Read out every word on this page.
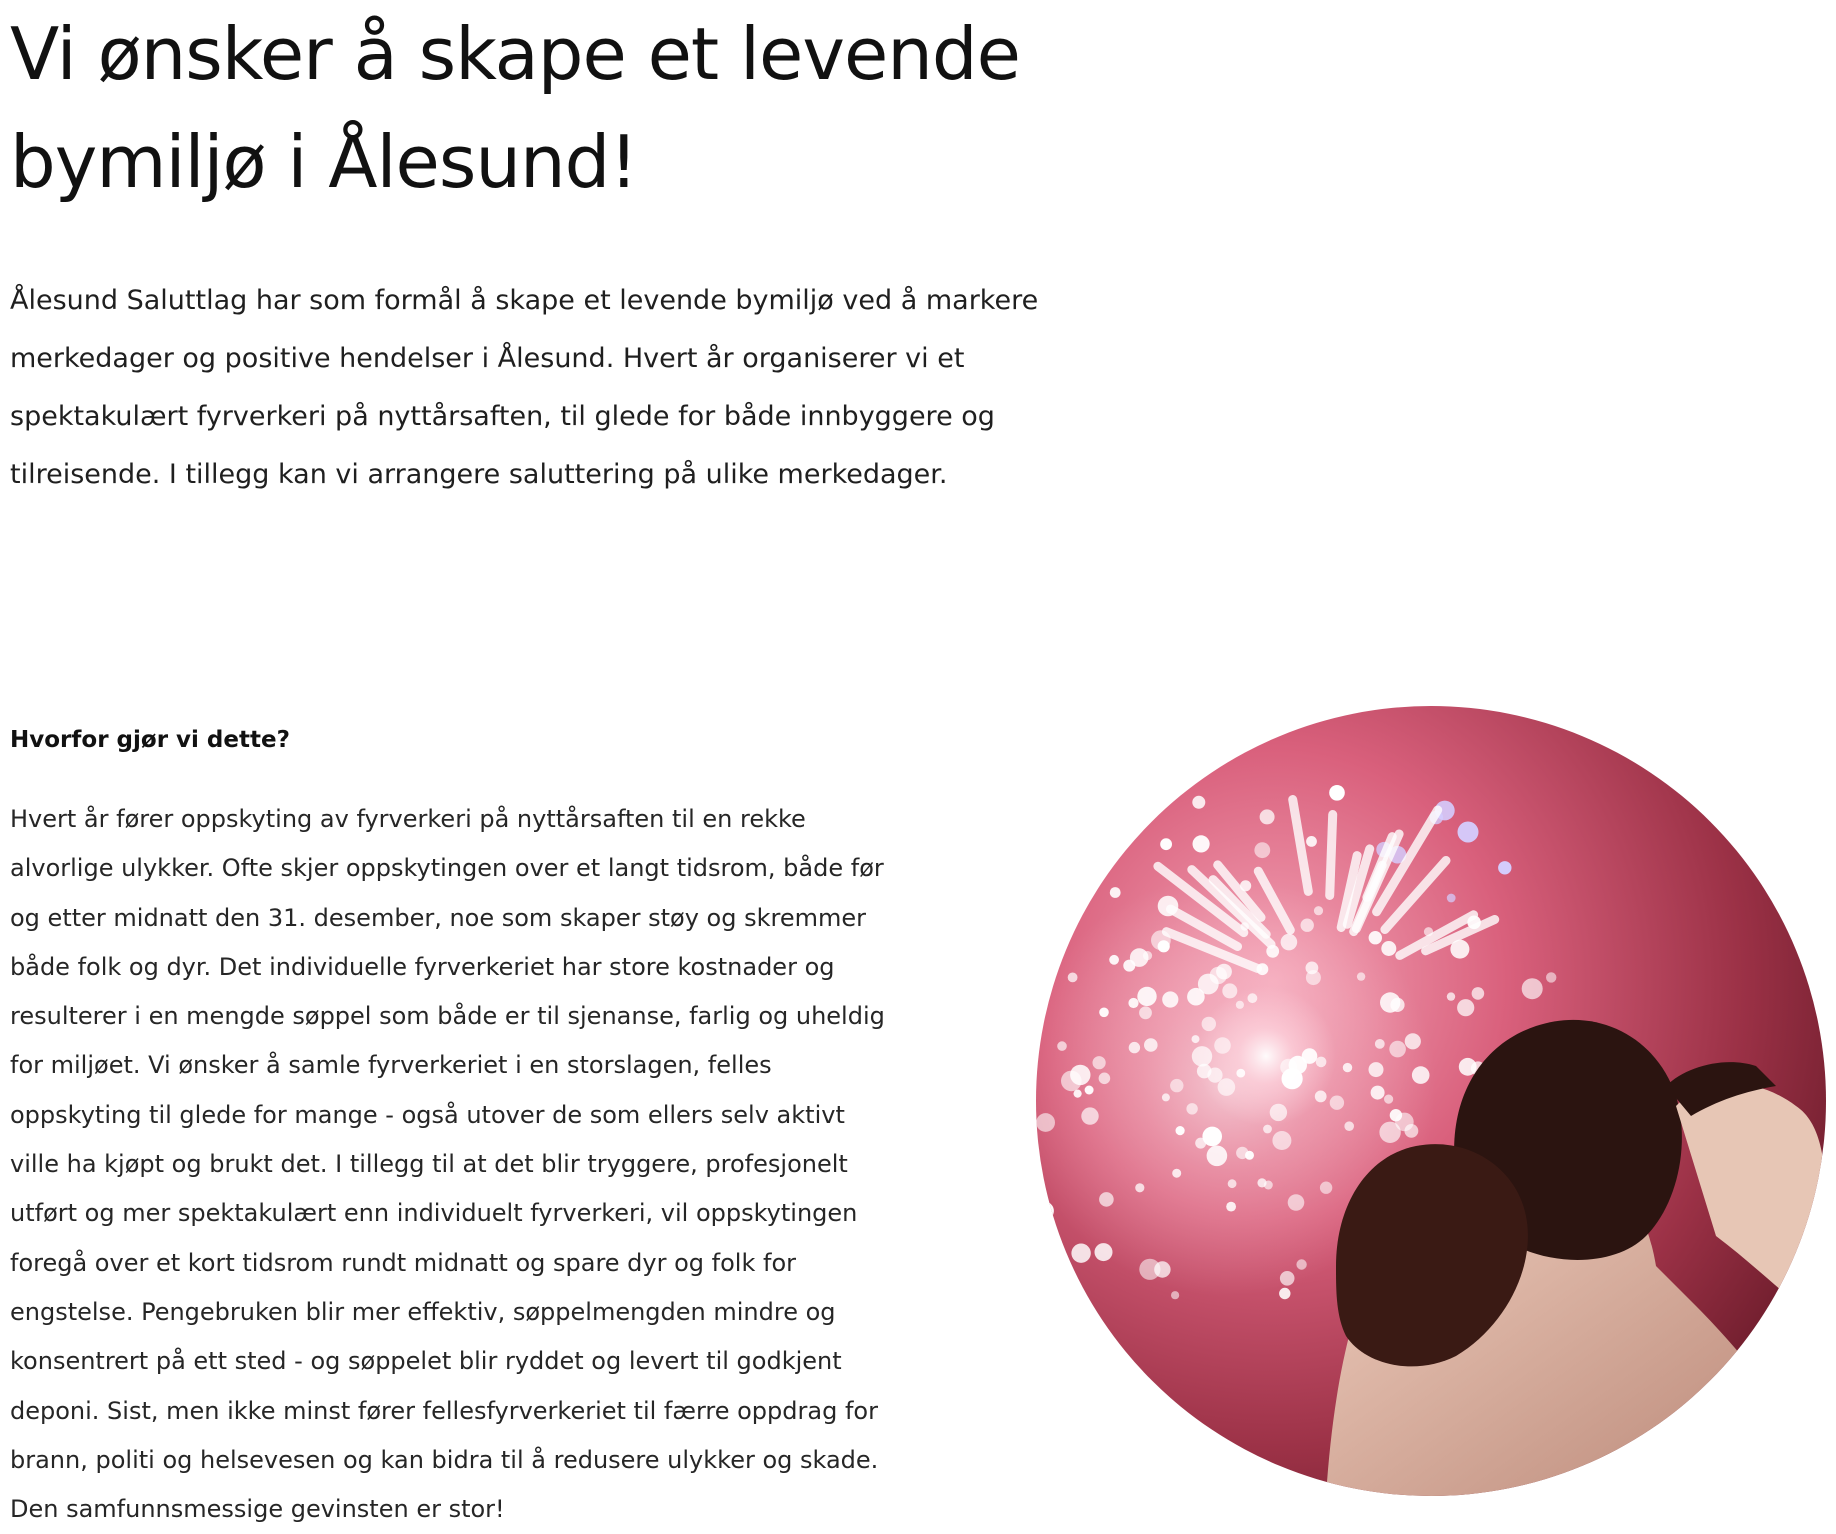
Vi ønsker å skape et levende bymiljø i Ålesund!

Ålesund Saluttlag har som formål å skape et levende bymiljø ved å markere merkedager og positive hendelser i Ålesund. Hvert år organiserer vi et spektakulært fyrverkeri på nyttårsaften, til glede for både innbyggere og tilreisende. I tillegg kan vi arrangere saluttering på ulike merkedager.

Hvorfor gjør vi dette?

Hvert år fører oppskyting av fyrverkeri på nyttårsaften til en rekke alvorlige ulykker. Ofte skjer oppskytingen over et langt tidsrom, både før og etter midnatt den 31. desember, noe som skaper støy og skremmer både folk og dyr. Det individuelle fyrverkeriet har store kostnader og resulterer i en mengde søppel som både er til sjenanse, farlig og uheldig for miljøet. Vi ønsker å samle fyrverkeriet i en storslagen, felles oppskyting til glede for mange - også utover de som ellers selv aktivt ville ha kjøpt og brukt det. I tillegg til at det blir tryggere, profesjonelt utført og mer spektakulært enn individuelt fyrverkeri, vil oppskytingen foregå over et kort tidsrom rundt midnatt og spare dyr og folk for engstelse. Pengebruken blir mer effektiv, søppelmengden mindre og konsentrert på ett sted - og søppelet blir ryddet og levert til godkjent deponi. Sist, men ikke minst fører fellesfyrverkeriet til færre oppdrag for brann, politi og helsevesen og kan bidra til å redusere ulykker og skade. Den samfunnsmessige gevinsten er stor!
